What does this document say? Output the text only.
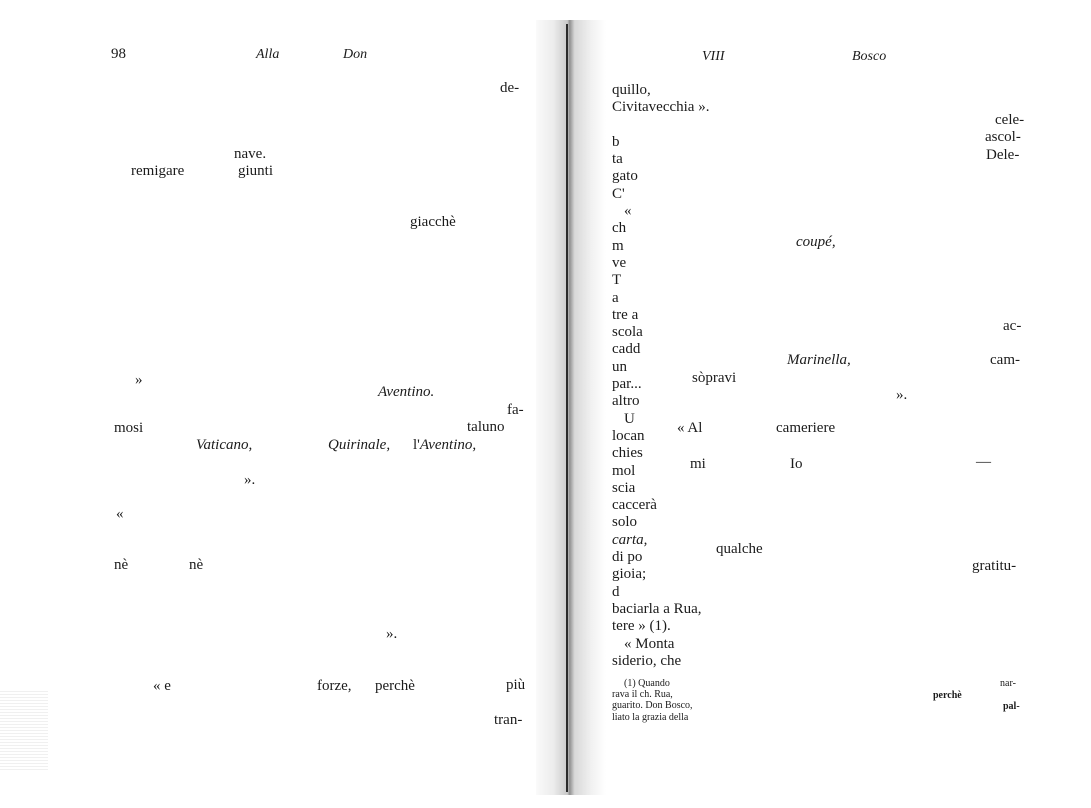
98	Alla	Don
de-
nave.
remigare	giunti
giacchè
»
Aventino.
fa-
mosi	taluno
Vaticano,	Quirinale, l'Aventino,
».
«
nè	nè
».
« e	forze, perchè	più
tran-
VIII	Bosco
quillo,
Civitavecchia ».

b
ta
gato
C'
«
ch
m
ve
T
a
tre a
scola
cadd
un
par...
altro
U
locan
chies
mol
scia
caccerà
solo
carta,
di po
gioia;
d
baciarla a Rua,
tere » (1).
« Monta
siderio, che
cele-
ascol-
Dele-
coupé,
ac-
Marinella,	cam-
sòpravi
».
« Al	cameriere
mi	Io	—
qualche
gratitu-
(1) Quando
rava il ch. Rua,
guarito. Don Bosco,
liato la grazia della
nar-
perchè
pal-
